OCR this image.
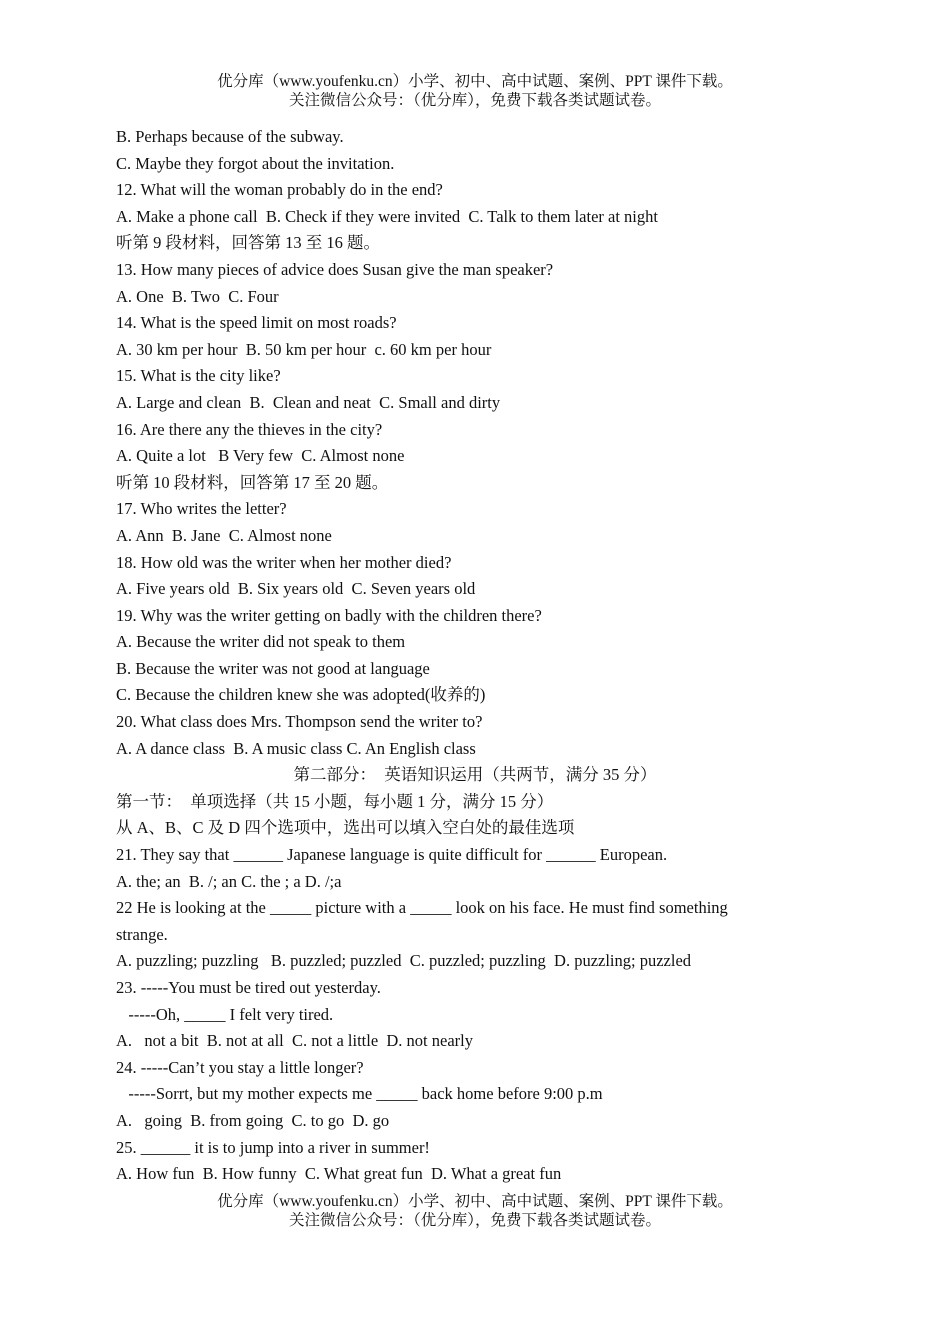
优分库（www.youfenku.cn）小学、初中、高中试题、案例、PPT 课件下载。
关注微信公众号：（优分库），免费下载各类试题试卷。
B. Perhaps because of the subway.
C. Maybe they forgot about the invitation.
12. What will the woman probably do in the end?
A. Make a phone call  B. Check if they were invited  C. Talk to them later at night
听第 9 段材料，回答第 13 至 16 题。
13. How many pieces of advice does Susan give the man speaker?
A. One  B. Two  C. Four
14. What is the speed limit on most roads?
A. 30 km per hour  B. 50 km per hour  c. 60 km per hour
15. What is the city like?
A. Large and clean  B.  Clean and neat  C. Small and dirty
16. Are there any the thieves in the city?
A. Quite a lot   B Very few  C. Almost none
听第 10 段材料，回答第 17 至 20 题。
17. Who writes the letter?
A. Ann  B. Jane  C. Almost none
18. How old was the writer when her mother died?
A. Five years old  B. Six years old  C. Seven years old
19. Why was the writer getting on badly with the children there?
A. Because the writer did not speak to them
B. Because the writer was not good at language
C. Because the children knew she was adopted(收养的)
20. What class does Mrs. Thompson send the writer to?
A. A dance class  B. A music class C. An English class
第二部分：  英语知识运用（共两节，满分 35 分）
第一节：  单项选择（共 15 小题，每小题 1 分，满分 15 分）
从 A、B、C 及 D 四个选项中，选出可以填入空白处的最佳选项
21. They say that ______ Japanese language is quite difficult for ______ European.
A. the; an  B. /; an C. the ; a D. /;a
22 He is looking at the _____ picture with a _____ look on his face. He must find something
strange.
A. puzzling; puzzling   B. puzzled; puzzled  C. puzzled; puzzling  D. puzzling; puzzled
23. -----You must be tired out yesterday.
-----Oh, _____ I felt very tired.
A.   not a bit  B. not at all  C. not a little  D. not nearly
24. -----Can’t you stay a little longer?
-----Sorrt, but my mother expects me _____ back home before 9:00 p.m
A.   going  B. from going  C. to go  D. go
25. ______ it is to jump into a river in summer!
A. How fun  B. How funny  C. What great fun  D. What a great fun
优分库（www.youfenku.cn）小学、初中、高中试题、案例、PPT 课件下载。
关注微信公众号：（优分库），免费下载各类试题试卷。
